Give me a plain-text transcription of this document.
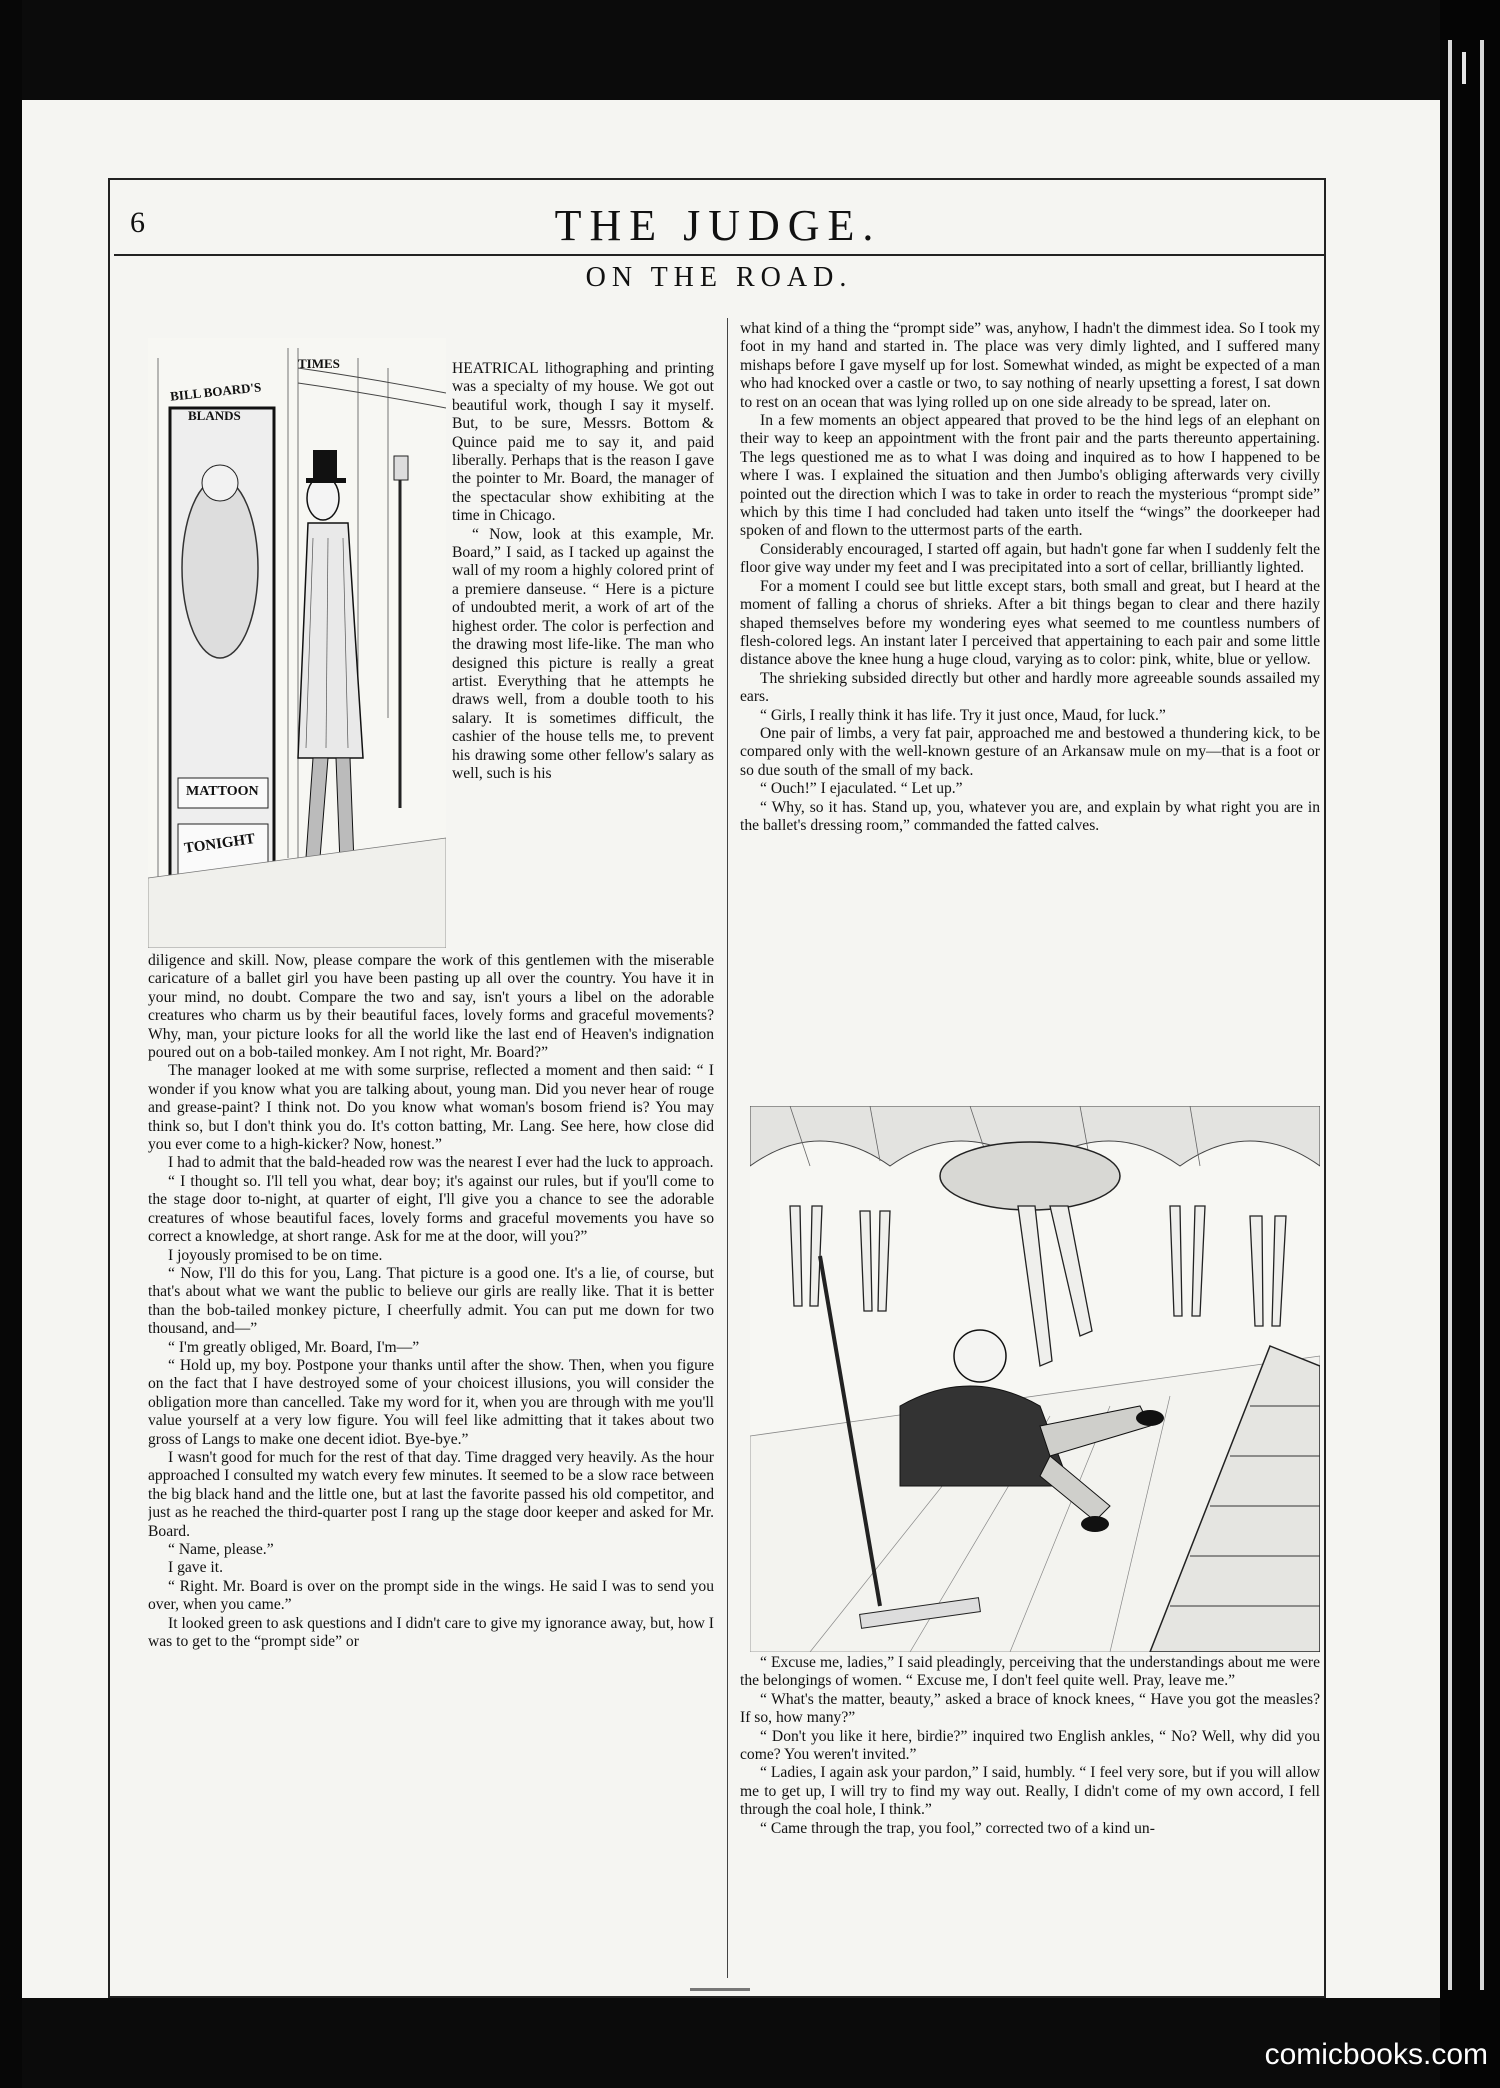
6	THE JUDGE.
ON THE ROAD.
BILL BOARD'S
BLANDS
TIMES
MATTOON
TONIGHT

HEATRICAL lithographing and printing was a specialty of my house. We got out beautiful work, though I say it myself. But, to be sure, Messrs. Bottom & Quince paid me to say it, and paid liberally. Perhaps that is the reason I gave the pointer to Mr. Board, the manager of the spectacular show exhibiting at the time in Chicago.

“ Now, look at this example, Mr. Board,” I said, as I tacked up against the wall of my room a highly colored print of a premiere danseuse. “ Here is a picture of undoubted merit, a work of art of the highest order. The color is perfection and the drawing most life-like. The man who designed this picture is really a great artist. Everything that he attempts he draws well, from a double tooth to his salary. It is sometimes difficult, the cashier of the house tells me, to prevent his drawing some other fellow's salary as well, such is his

diligence and skill. Now, please compare the work of this gentlemen with the miserable caricature of a ballet girl you have been pasting up all over the country. You have it in your mind, no doubt. Compare the two and say, isn't yours a libel on the adorable creatures who charm us by their beautiful faces, lovely forms and graceful movements? Why, man, your picture looks for all the world like the last end of Heaven's indignation poured out on a bob-tailed monkey. Am I not right, Mr. Board?”

The manager looked at me with some surprise, reflected a moment and then said: “ I wonder if you know what you are talking about, young man. Did you never hear of rouge and grease-paint? I think not. Do you know what woman's bosom friend is? You may think so, but I don't think you do. It's cotton batting, Mr. Lang. See here, how close did you ever come to a high-kicker? Now, honest.”

I had to admit that the bald-headed row was the nearest I ever had the luck to approach.

“ I thought so. I'll tell you what, dear boy; it's against our rules, but if you'll come to the stage door to-night, at quarter of eight, I'll give you a chance to see the adorable creatures of whose beautiful faces, lovely forms and graceful movements you have so correct a knowledge, at short range. Ask for me at the door, will you?”

I joyously promised to be on time.

“ Now, I'll do this for you, Lang. That picture is a good one. It's a lie, of course, but that's about what we want the public to believe our girls are really like. That it is better than the bob-tailed monkey picture, I cheerfully admit. You can put me down for two thousand, and—”

“ I'm greatly obliged, Mr. Board, I'm—”

“ Hold up, my boy. Postpone your thanks until after the show. Then, when you figure on the fact that I have destroyed some of your choicest illusions, you will consider the obligation more than cancelled. Take my word for it, when you are through with me you'll value yourself at a very low figure. You will feel like admitting that it takes about two gross of Langs to make one decent idiot. Bye-bye.”

I wasn't good for much for the rest of that day. Time dragged very heavily. As the hour approached I consulted my watch every few minutes. It seemed to be a slow race between the big black hand and the little one, but at last the favorite passed his old competitor, and just as he reached the third-quarter post I rang up the stage door keeper and asked for Mr. Board.

“ Name, please.”

I gave it.

“ Right. Mr. Board is over on the prompt side in the wings. He said I was to send you over, when you came.”

It looked green to ask questions and I didn't care to give my ignorance away, but, how I was to get to the “prompt side” or

what kind of a thing the “prompt side” was, anyhow, I hadn't the dimmest idea. So I took my foot in my hand and started in. The place was very dimly lighted, and I suffered many mishaps before I gave myself up for lost. Somewhat winded, as might be expected of a man who had knocked over a castle or two, to say nothing of nearly upsetting a forest, I sat down to rest on an ocean that was lying rolled up on one side already to be spread, later on.

In a few moments an object appeared that proved to be the hind legs of an elephant on their way to keep an appointment with the front pair and the parts thereunto appertaining. The legs questioned me as to what I was doing and inquired as to how I happened to be where I was. I explained the situation and then Jumbo's obliging afterwards very civilly pointed out the direction which I was to take in order to reach the mysterious “prompt side” which by this time I had concluded had taken unto itself the “wings” the doorkeeper had spoken of and flown to the uttermost parts of the earth.

Considerably encouraged, I started off again, but hadn't gone far when I suddenly felt the floor give way under my feet and I was precipitated into a sort of cellar, brilliantly lighted.

For a moment I could see but little except stars, both small and great, but I heard at the moment of falling a chorus of shrieks. After a bit things began to clear and there hazily shaped themselves before my wondering eyes what seemed to me countless numbers of flesh-colored legs. An instant later I perceived that appertaining to each pair and some little distance above the knee hung a huge cloud, varying as to color: pink, white, blue or yellow.

The shrieking subsided directly but other and hardly more agreeable sounds assailed my ears.

“ Girls, I really think it has life. Try it just once, Maud, for luck.”

One pair of limbs, a very fat pair, approached me and bestowed a thundering kick, to be compared only with the well-known gesture of an Arkansaw mule on my—that is a foot or so due south of the small of my back.

“ Ouch!” I ejaculated. “ Let up.”

“ Why, so it has. Stand up, you, whatever you are, and explain by what right you are in the ballet's dressing room,” commanded the fatted calves.

“ Excuse me, ladies,” I said pleadingly, perceiving that the understandings about me were the belongings of women. “ Excuse me, I don't feel quite well. Pray, leave me.”

“ What's the matter, beauty,” asked a brace of knock knees, “ Have you got the measles? If so, how many?”

“ Don't you like it here, birdie?” inquired two English ankles, “ No? Well, why did you come? You weren't invited.”

“ Ladies, I again ask your pardon,” I said, humbly. “ I feel very sore, but if you will allow me to get up, I will try to find my way out. Really, I didn't come of my own accord, I fell through the coal hole, I think.”

“ Came through the trap, you fool,” corrected two of a kind un-

comicbooks.com
